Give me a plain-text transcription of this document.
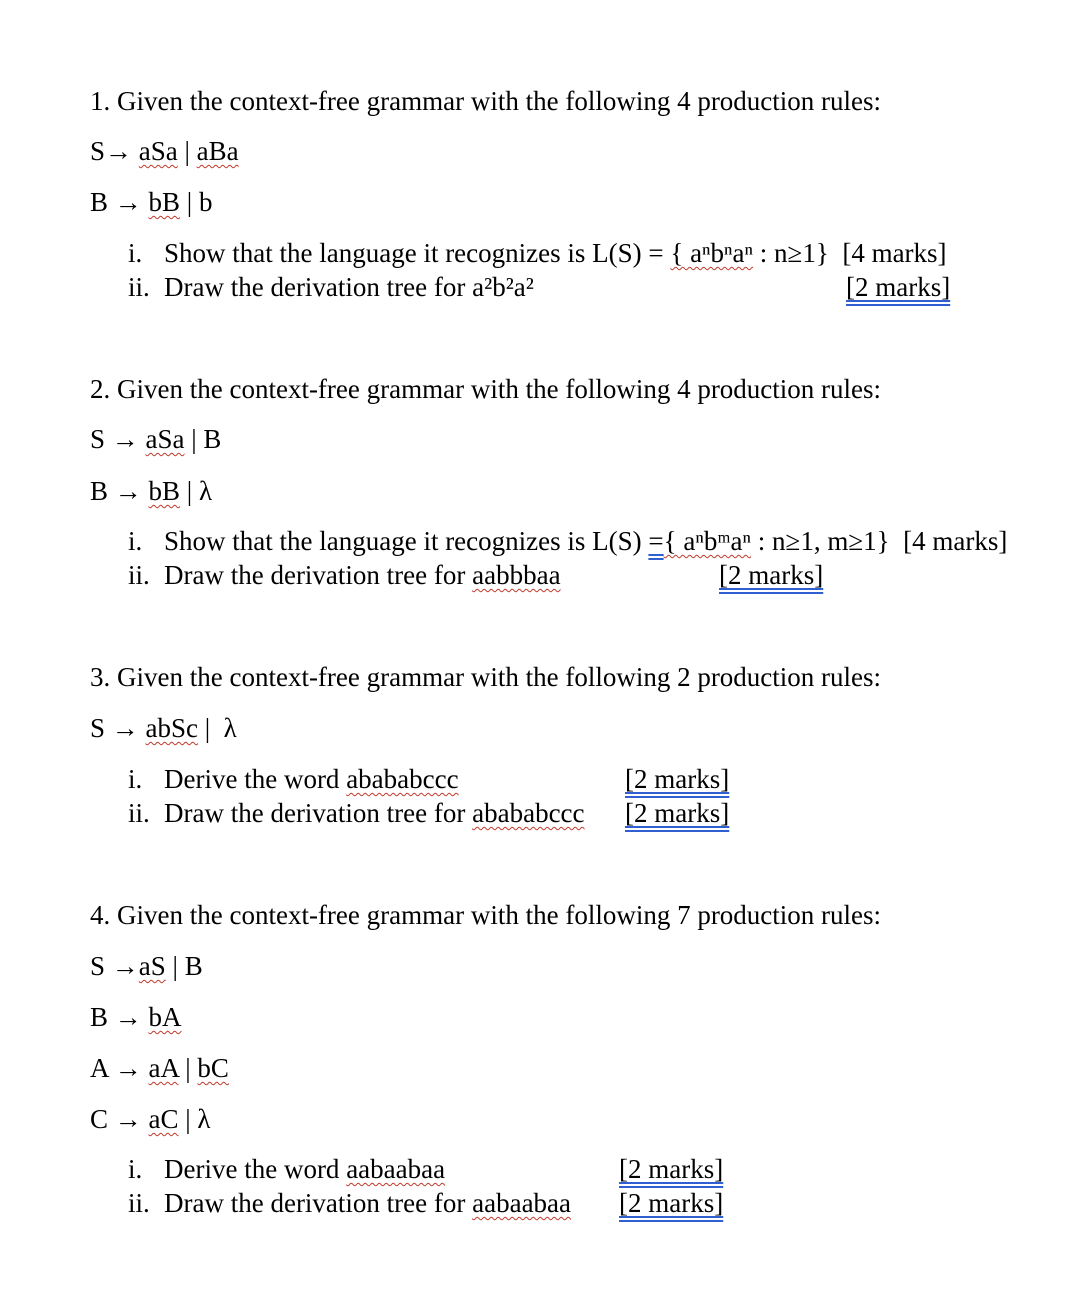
1. Given the context-free grammar with the following 4 production rules:
S→ aSa | aBa
B → bB | b
i. Show that the language it recognizes is L(S) = { aⁿbⁿaⁿ : n≥1} [4 marks]
ii. Draw the derivation tree for a²b²a²	[2 marks]
2. Given the context-free grammar with the following 4 production rules:
S → aSa | B
B → bB | λ
i. Show that the language it recognizes is L(S) ={ aⁿbᵐaⁿ : n≥1, m≥1} [4 marks]
ii. Draw the derivation tree for aabbbaa	[2 marks]
3. Given the context-free grammar with the following 2 production rules:
S → abSc | λ
i. Derive the word abababccc	[2 marks]
ii. Draw the derivation tree for abababccc [2 marks]
4. Given the context-free grammar with the following 7 production rules:
S →aS | B
B → bA
A → aA | bC
C → aC | λ
i. Derive the word aabaabaa	[2 marks]
ii. Draw the derivation tree for aabaabaa [2 marks]
